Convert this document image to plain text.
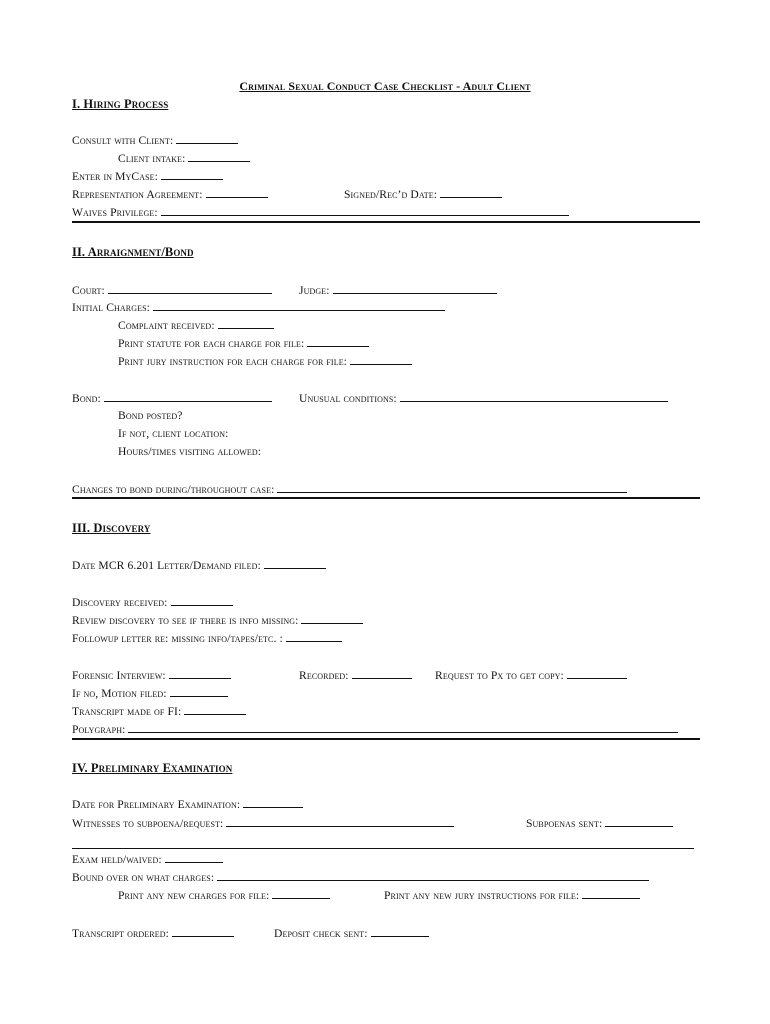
Criminal Sexual Conduct Case Checklist - Adult Client
I. Hiring Process
Consult with Client:
Client intake:
Enter in MyCase:
Representation Agreement:	Signed/Rec’d Date:
Waives Privilege:
II. Arraignment/Bond
Court:	Judge:
Initial Charges:
Complaint received:
Print statute for each charge for file:
Print jury instruction for each charge for file:
Bond:	Unusual conditions:
Bond posted?
If not, client location:
Hours/times visiting allowed:
Changes to bond during/throughout case:
III. Discovery
Date MCR 6.201 Letter/Demand filed:
Discovery received:
Review discovery to see if there is info missing:
Followup letter re: missing info/tapes/etc. :
Forensic Interview:	Recorded:	Request to Px to get copy:
If no, Motion filed:
Transcript made of FI:
Polygraph:
IV. Preliminary Examination
Date for Preliminary Examination:
Witnesses to subpoena/request:	Subpoenas sent:
Exam held/waived:
Bound over on what charges:
Print any new charges for file:	Print any new jury instructions for file:
Transcript ordered:	Deposit check sent:
